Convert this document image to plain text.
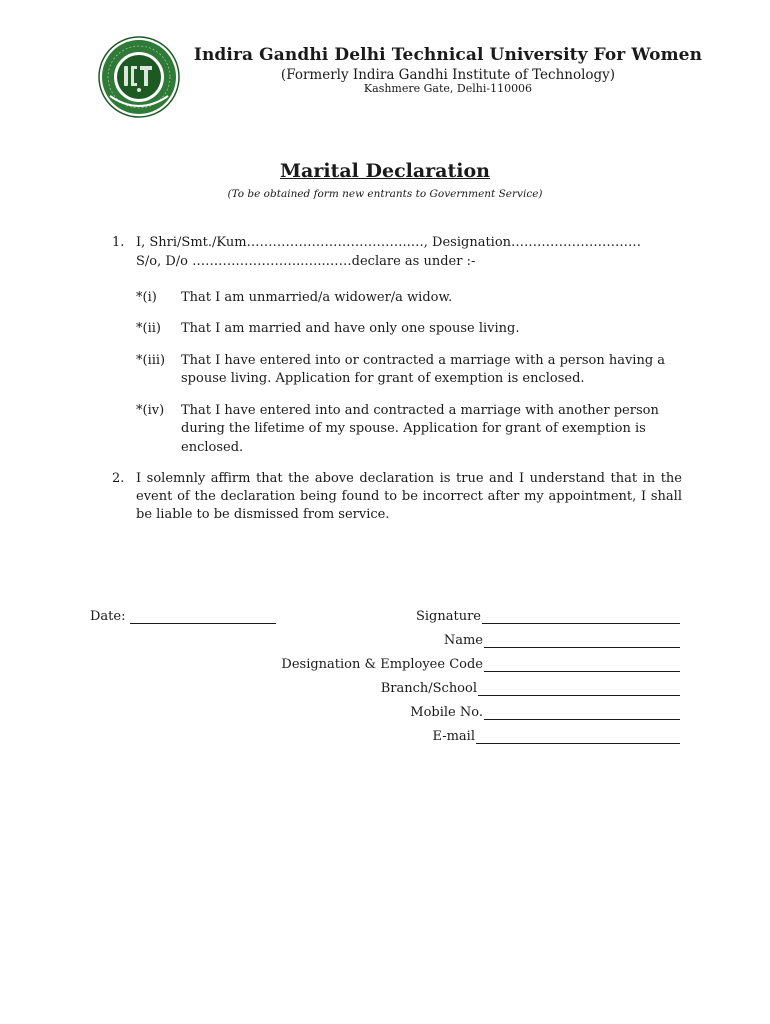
Indira Gandhi Delhi Technical University For Women
(Formerly Indira Gandhi Institute of Technology)
Kashmere Gate, Delhi-110006
Marital Declaration
(To be obtained form new entrants to Government Service)
1. I, Shri/Smt./Kum………………………………..…, Designation…………………………
S/o, D/o ……………………..…..……declare as under :-
*(i) That I am unmarried/a widower/a widow.
*(ii) That I am married and have only one spouse living.
*(iii) That I have entered into or contracted a marriage with a person having a
spouse living. Application for grant of exemption is enclosed.
*(iv) That I have entered into and contracted a marriage with another person
during the lifetime of my spouse. Application for grant of exemption is
enclosed.
2. I solemnly affirm that the above declaration is true and I understand that in the event of the declaration being found to be incorrect after my appointment, I shall be liable to be dismissed from service.
Date:	Signature
Name
Designation & Employee Code
Branch/School
Mobile No.
E-mail
